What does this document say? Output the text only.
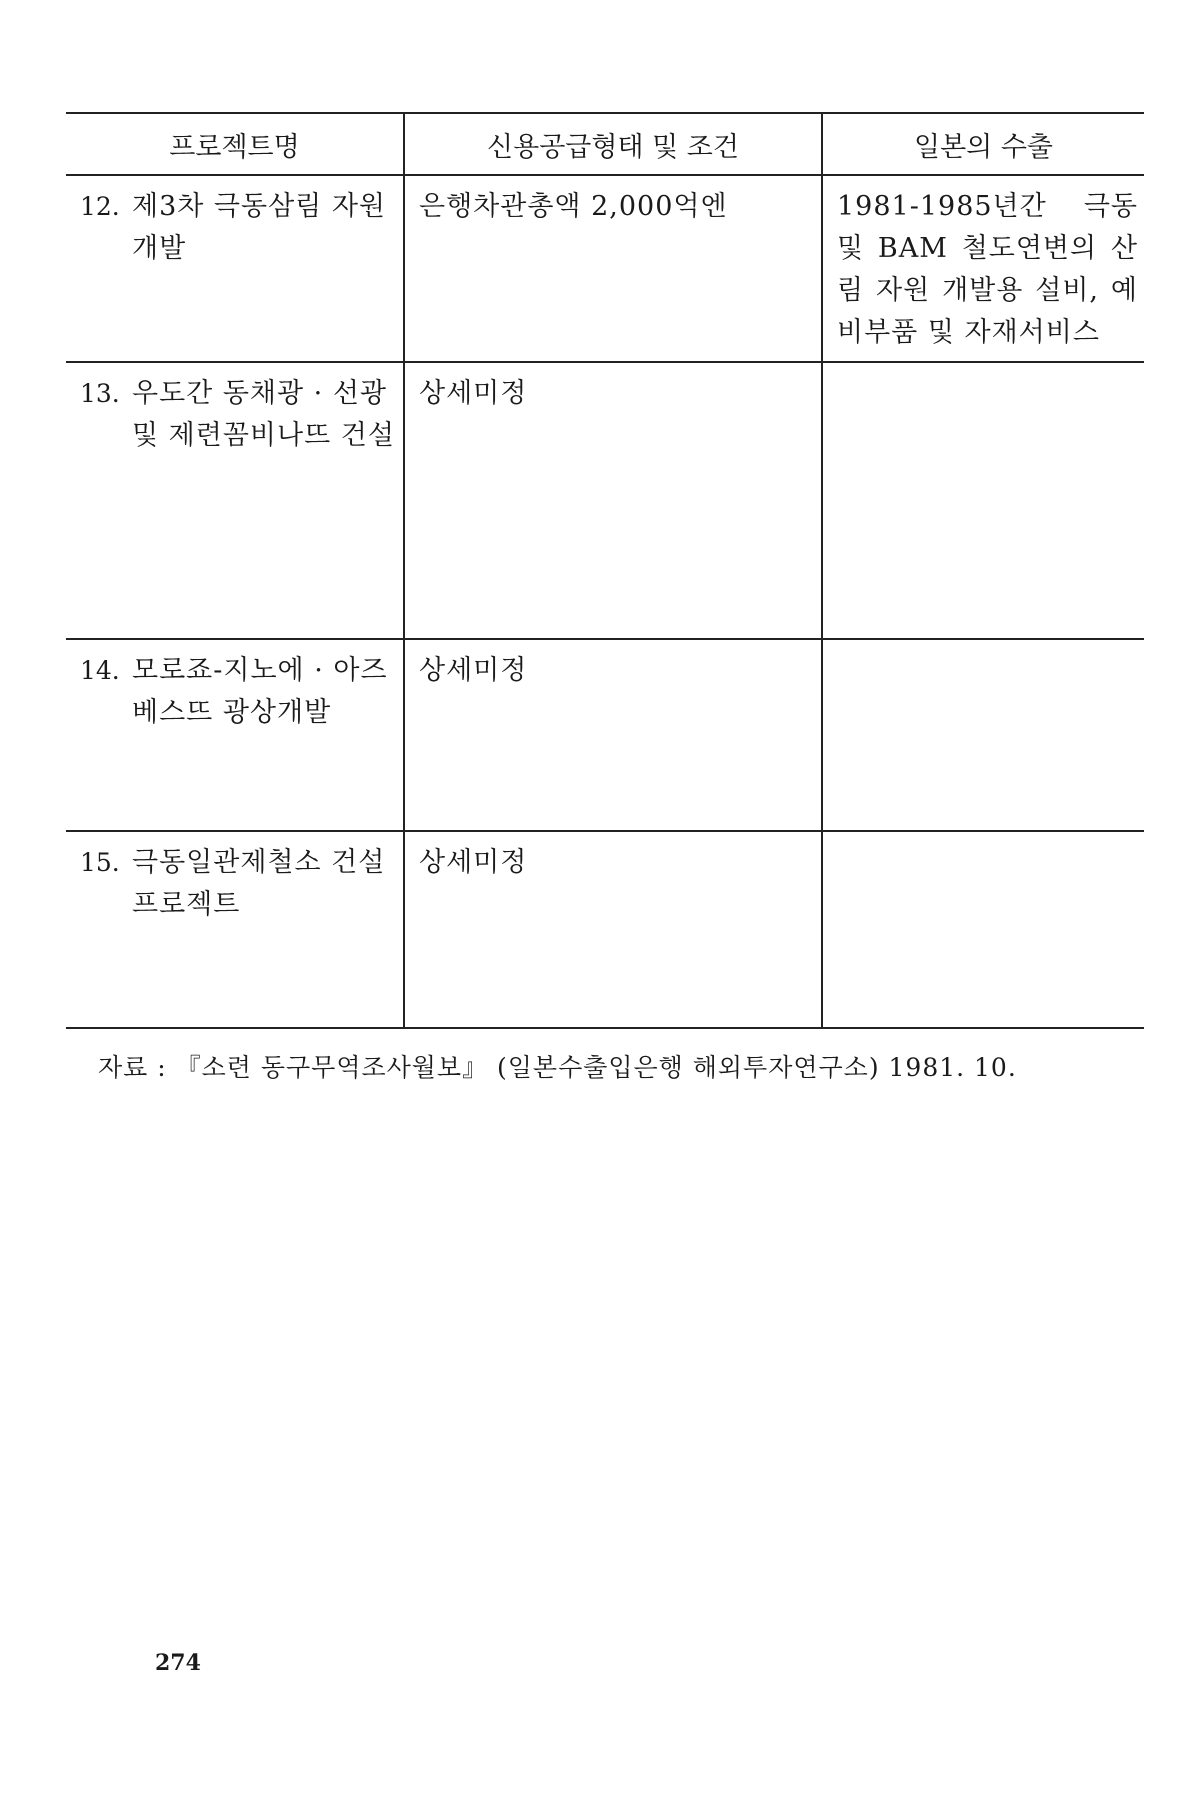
프로젝트명	신용공급형태 및 조건	일본의 수출

12. 제3차 극동삼림 자원개발	은행차관총액 2,000억엔	1981-1985년간 극동 및 BAM 철도연변의 산림 자원 개발용 설비, 예비부품 및 자재서비스

13. 우도간 동채광 · 선광 및 제련꼼비나뜨 건설	상세미정	

14. 모로죠-지노에 · 아즈베스뜨 광상개발	상세미정	

15. 극동일관제철소 건설 프로젝트	상세미정	

자료 : 『소련 동구무역조사월보』 (일본수출입은행 해외투자연구소) 1981. 10.
274
